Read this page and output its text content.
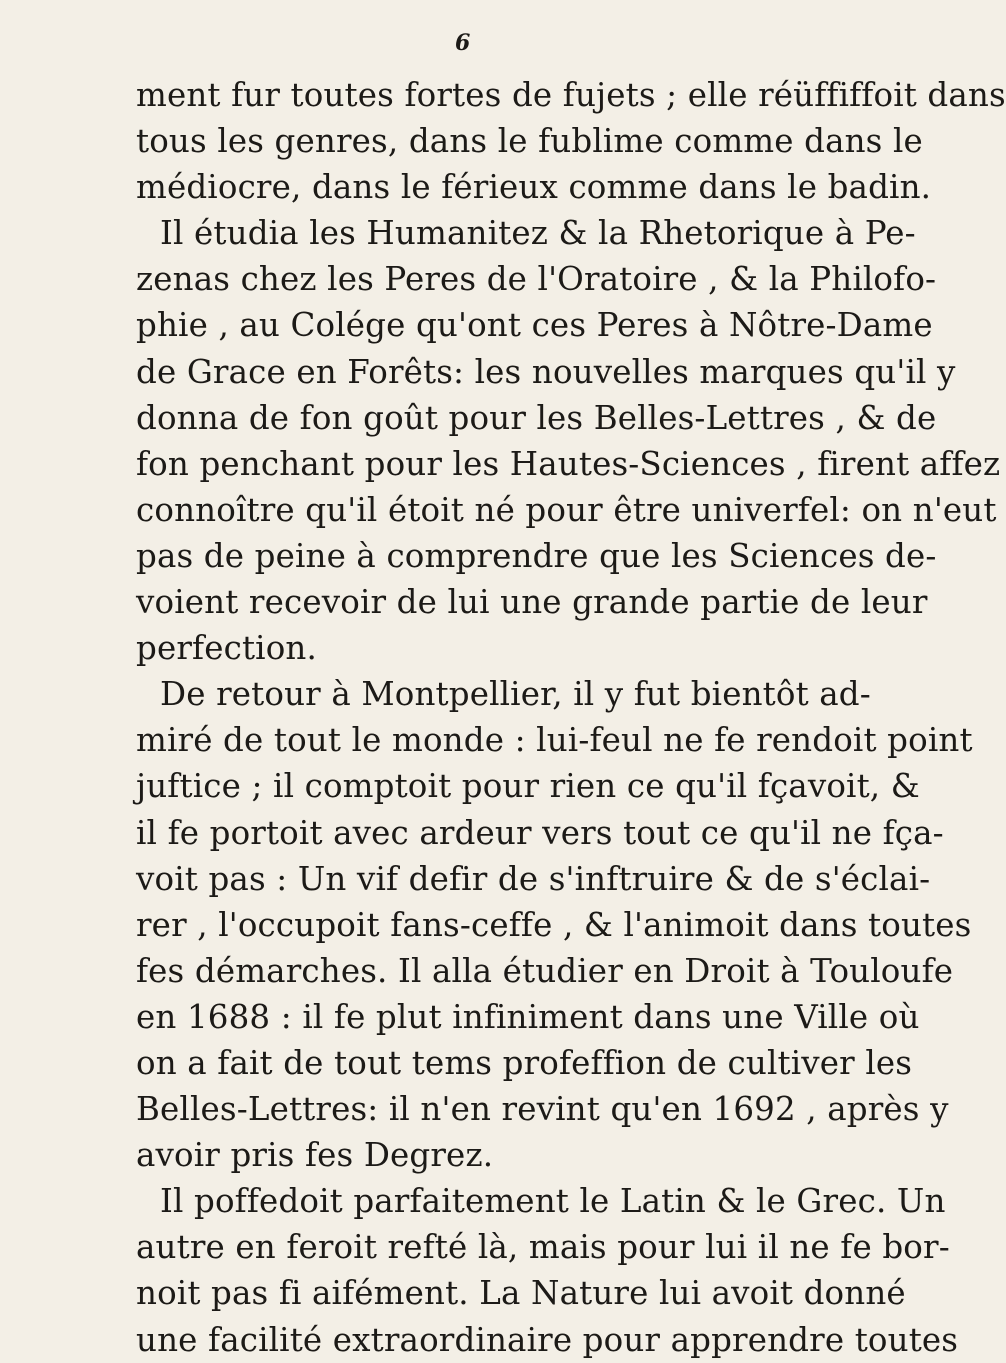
6
ment fur toutes fortes de fujets ; elle réüffiffoit dans
tous les genres, dans le fublime comme dans le
médiocre, dans le férieux comme dans le badin.
Il étudia les Humanitez & la Rhetorique à Pe-
zenas chez les Peres de l'Oratoire , & la Philofo-
phie , au Colége qu'ont ces Peres à Nôtre-Dame
de Grace en Forêts: les nouvelles marques qu'il y
donna de fon goût pour les Belles-Lettres , & de
fon penchant pour les Hautes-Sciences , firent affez
connoître qu'il étoit né pour être univerfel: on n'eut
pas de peine à comprendre que les Sciences de-
voient recevoir de lui une grande partie de leur
perfection.
De retour à Montpellier, il y fut bientôt ad-
miré de tout le monde : lui-feul ne fe rendoit point
juftice ; il comptoit pour rien ce qu'il fçavoit, &
il fe portoit avec ardeur vers tout ce qu'il ne fça-
voit pas : Un vif defir de s'inftruire & de s'éclai-
rer , l'occupoit fans-ceffe , & l'animoit dans toutes
fes démarches. Il alla étudier en Droit à Touloufe
en 1688 : il fe plut infiniment dans une Ville où
on a fait de tout tems profeffion de cultiver les
Belles-Lettres: il n'en revint qu'en 1692 , après y
avoir pris fes Degrez.
Il poffedoit parfaitement le Latin & le Grec. Un
autre en feroit refté là, mais pour lui il ne fe bor-
noit pas fi aifément. La Nature lui avoit donné
une facilité extraordinaire pour apprendre toutes
